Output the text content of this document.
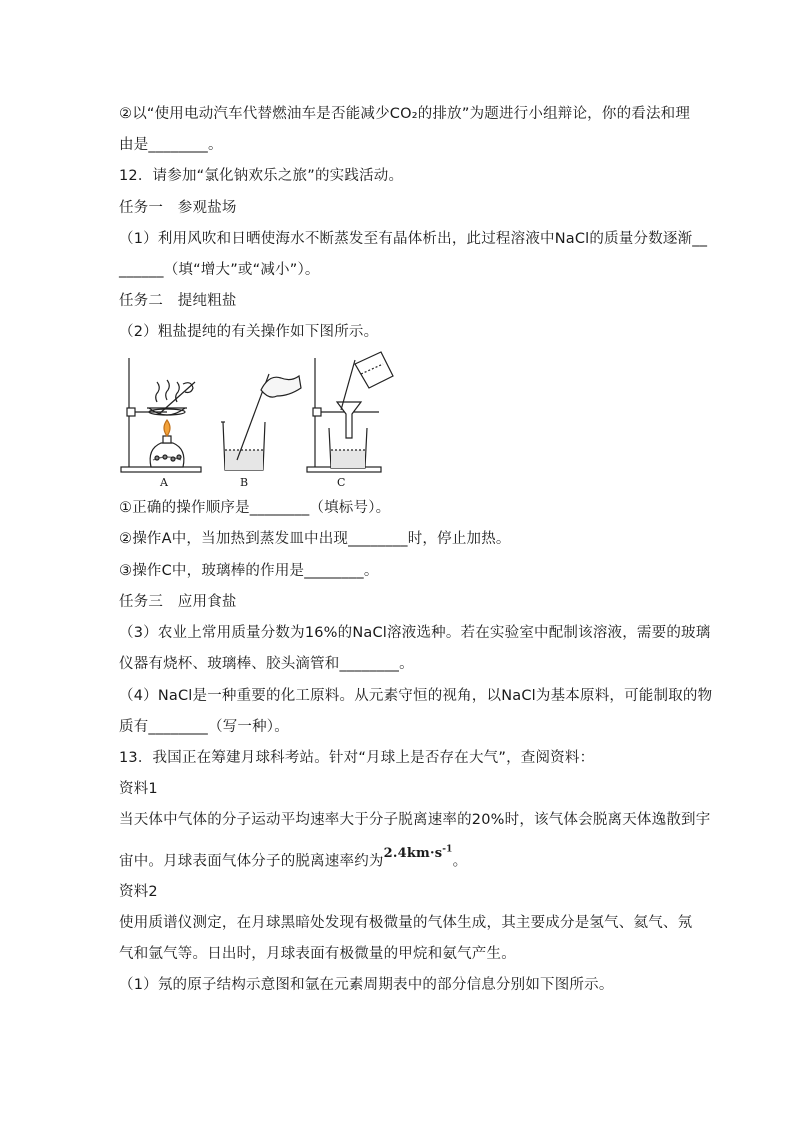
②以“使用电动汽车代替燃油车是否能减少CO₂的排放”为题进行小组辩论，你的看法和理
由是________。
12．请参加“氯化钠欢乐之旅”的实践活动。
任务一　参观盐场
（1）利用风吹和日晒使海水不断蒸发至有晶体析出，此过程溶液中NaCl的质量分数逐渐__
______（填“增大”或“减小”）。
任务二　提纯粗盐
（2）粗盐提纯的有关操作如下图所示。
A	B	C
①正确的操作顺序是________（填标号）。
②操作A中，当加热到蒸发皿中出现________时，停止加热。
③操作C中，玻璃棒的作用是________。
任务三　应用食盐
（3）农业上常用质量分数为16%的NaCl溶液选种。若在实验室中配制该溶液，需要的玻璃
仪器有烧杯、玻璃棒、胶头滴管和________。
（4）NaCl是一种重要的化工原料。从元素守恒的视角，以NaCl为基本原料，可能制取的物
质有________（写一种）。
13．我国正在筹建月球科考站。针对“月球上是否存在大气”，查阅资料：
资料1
当天体中气体的分子运动平均速率大于分子脱离速率的20%时，该气体会脱离天体逸散到宇
宙中。月球表面气体分子的脱离速率约为$2.4km\cdot s^{-1}$。
资料2
使用质谱仪测定，在月球黑暗处发现有极微量的气体生成，其主要成分是氢气、氦气、氖
气和氩气等。日出时，月球表面有极微量的甲烷和氨气产生。
（1）氖的原子结构示意图和氩在元素周期表中的部分信息分别如下图所示。
